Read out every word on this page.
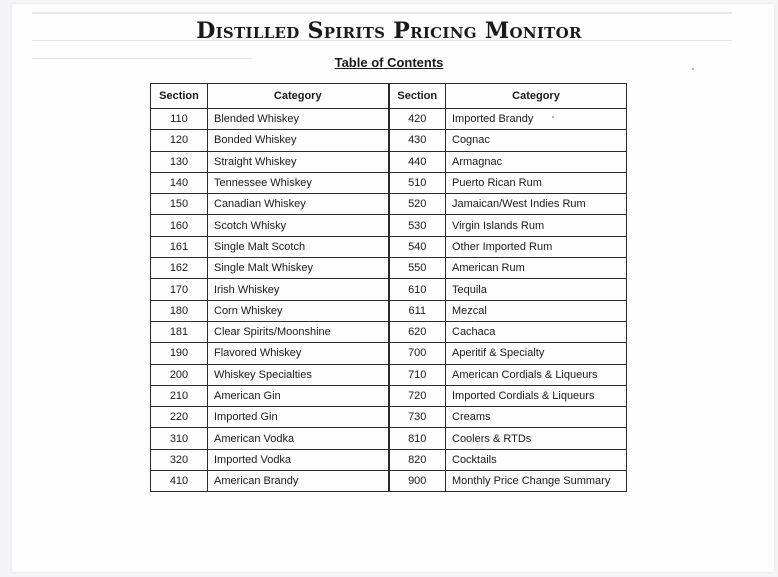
Distilled Spirits Pricing Monitor
Table of Contents
Section	Category	Section	Category
110	Blended Whiskey	420	Imported Brandy
120	Bonded Whiskey	430	Cognac
130	Straight Whiskey	440	Armagnac
140	Tennessee Whiskey	510	Puerto Rican Rum
150	Canadian Whiskey	520	Jamaican/West Indies Rum
160	Scotch Whisky	530	Virgin Islands Rum
161	Single Malt Scotch	540	Other Imported Rum
162	Single Malt Whiskey	550	American Rum
170	Irish Whiskey	610	Tequila
180	Corn Whiskey	611	Mezcal
181	Clear Spirits/Moonshine	620	Cachaca
190	Flavored Whiskey	700	Aperitif & Specialty
200	Whiskey Specialties	710	American Cordials & Liqueurs
210	American Gin	720	Imported Cordials & Liqueurs
220	Imported Gin	730	Creams
310	American Vodka	810	Coolers & RTDs
320	Imported Vodka	820	Cocktails
410	American Brandy	900	Monthly Price Change Summary
